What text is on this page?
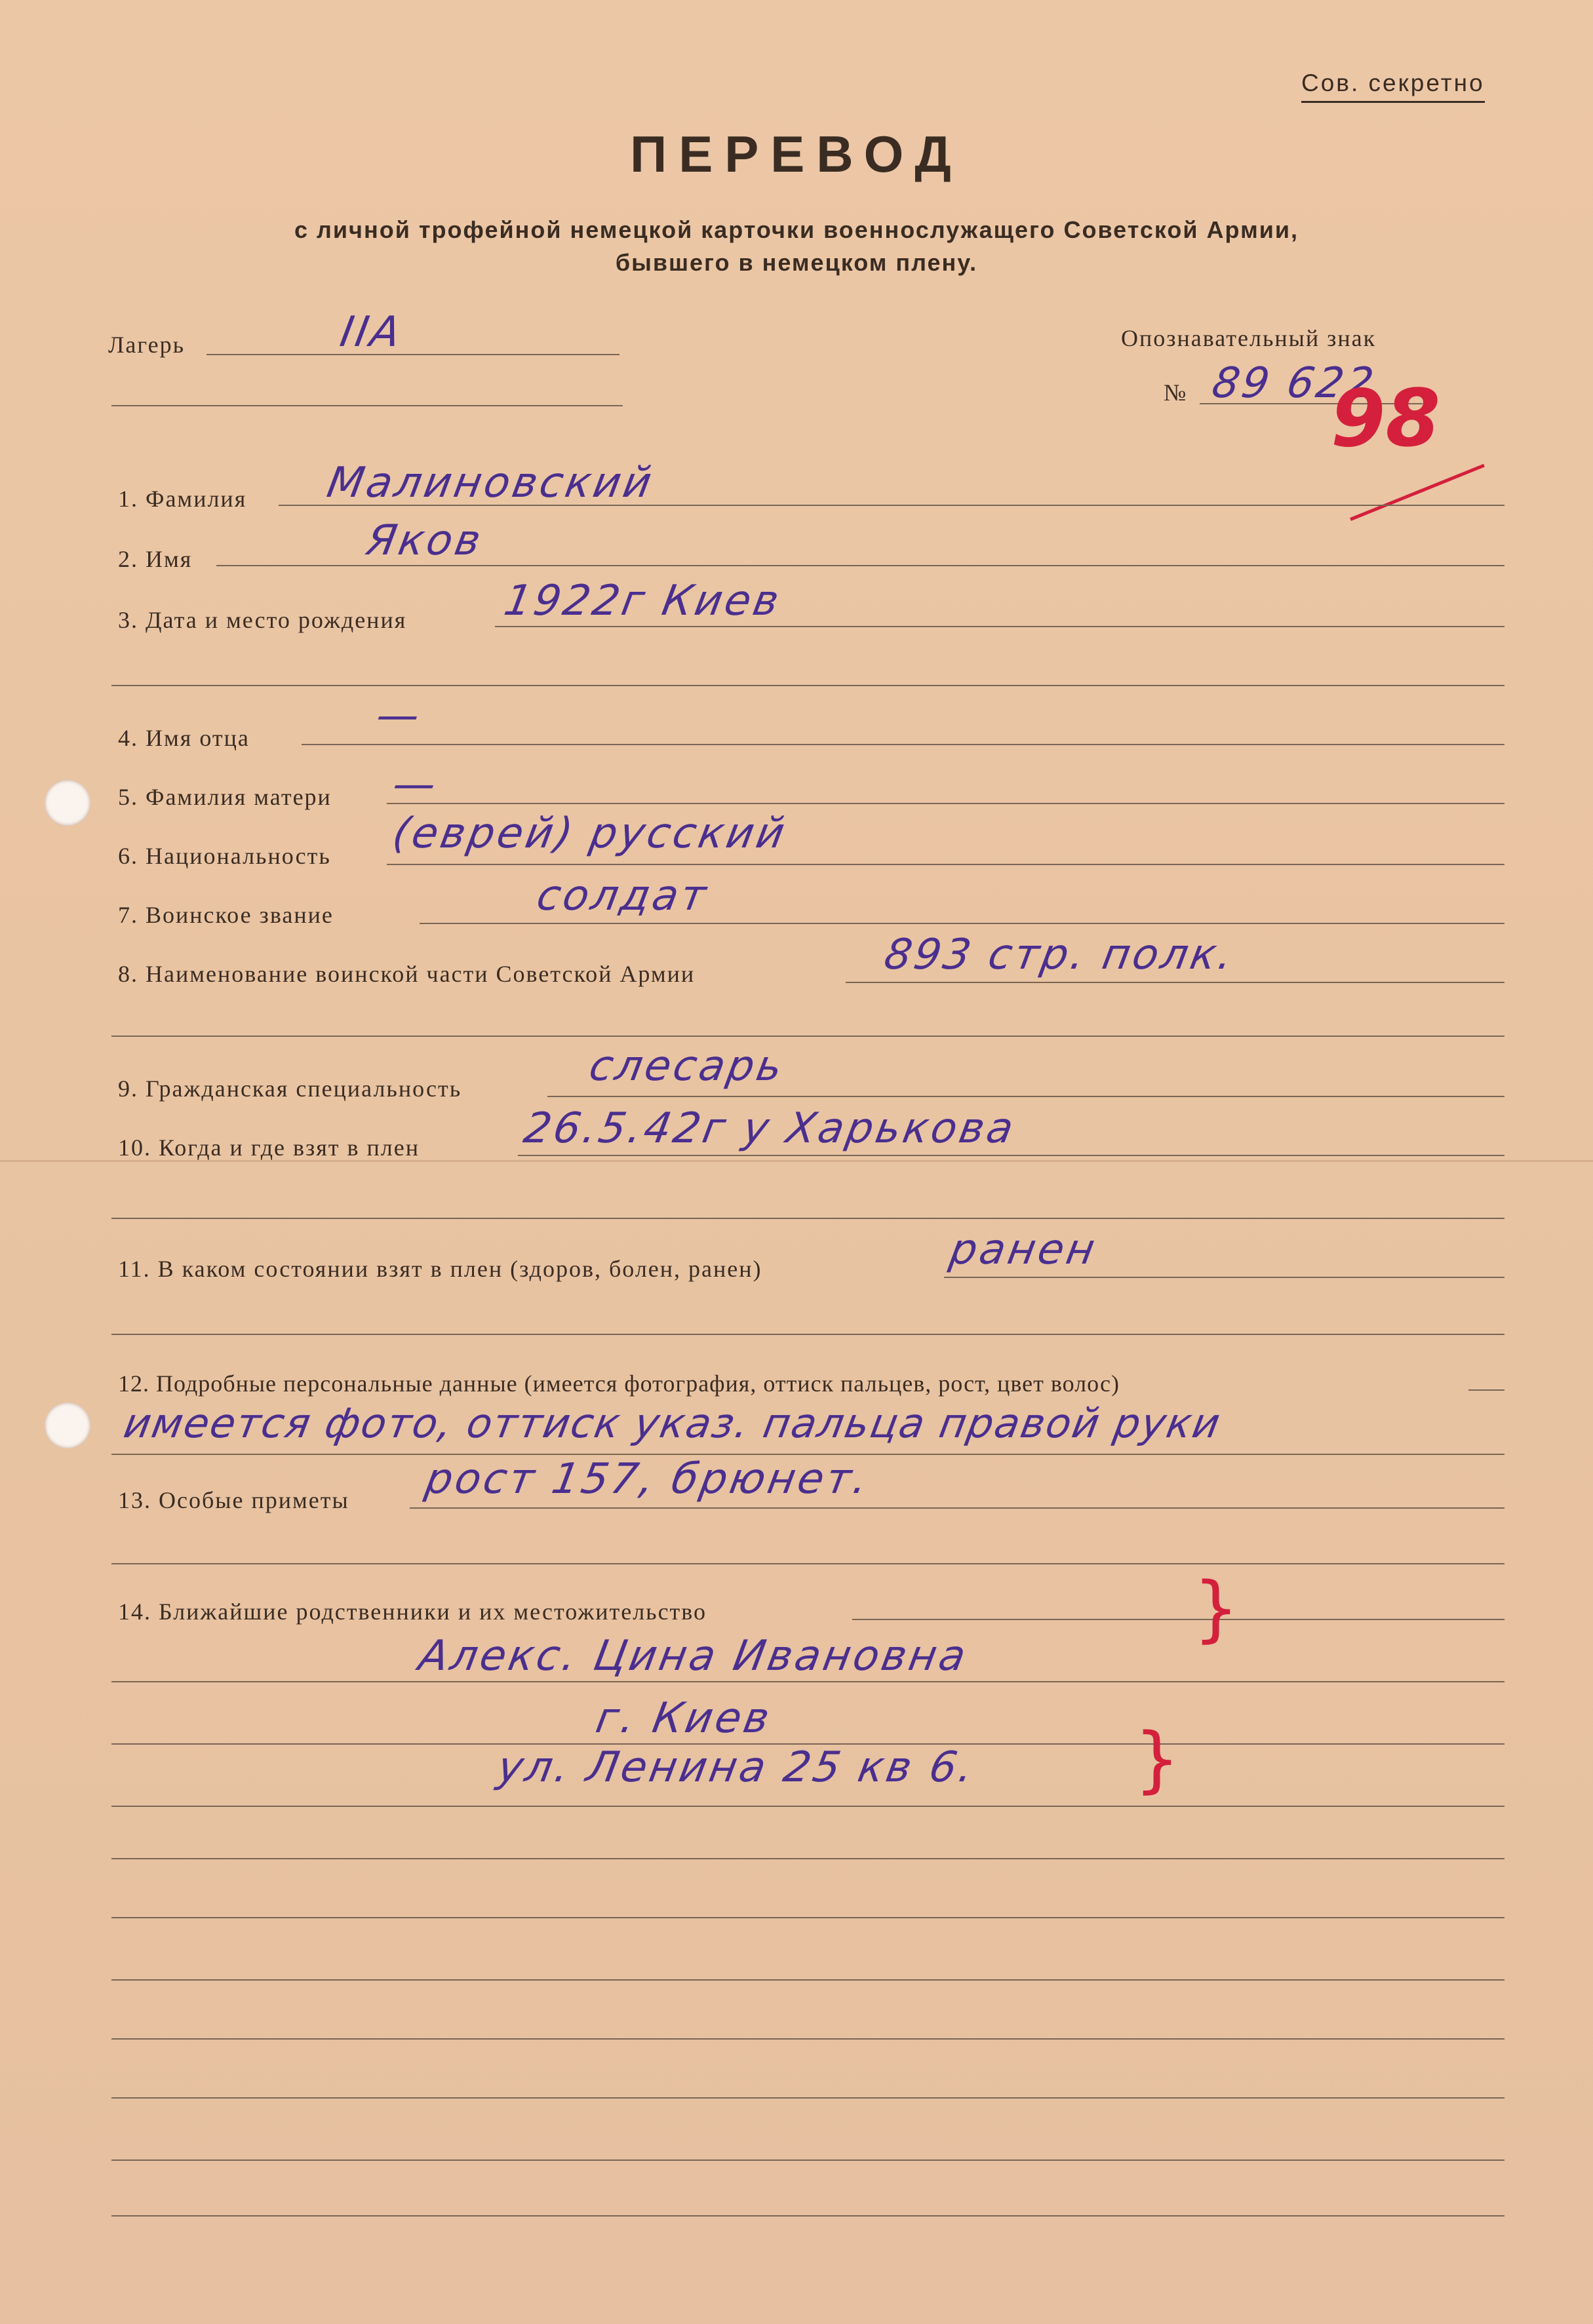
Сов. секретно
ПЕРЕВОД
с личной трофейной немецкой карточки военнослужащего Советской Армии,
бывшего в немецком плену.
Лагерь	IIA	Опознавательный знак
№ 89 622
98
1. Фамилия Малиновский
2. Имя	Яков
3. Дата и место рождения 1922г Киев
4. Имя отца	—
5. Фамилия матери —
6. Национальность (еврей) русский
7. Воинское звание	солдат
8. Наименование воинской части Советской Армии	893 стр. полк.
9. Гражданская специальность	слесарь
10. Когда и где взят в плен 26.5.42г у Харькова
11. В каком состоянии взят в плен (здоров, болен, ранен)	ранен
12. Подробные персональные данные (имеется фотография, оттиск пальцев, рост, цвет волос)
имеется фото, оттиск указ. пальца правой руки
13. Особые приметы рост 157, брюнет.
14. Ближайшие родственники и их местожительство
Алекс. Цина Ивановна
г. Киев
ул. Ленина 25 кв 6.
}
}
